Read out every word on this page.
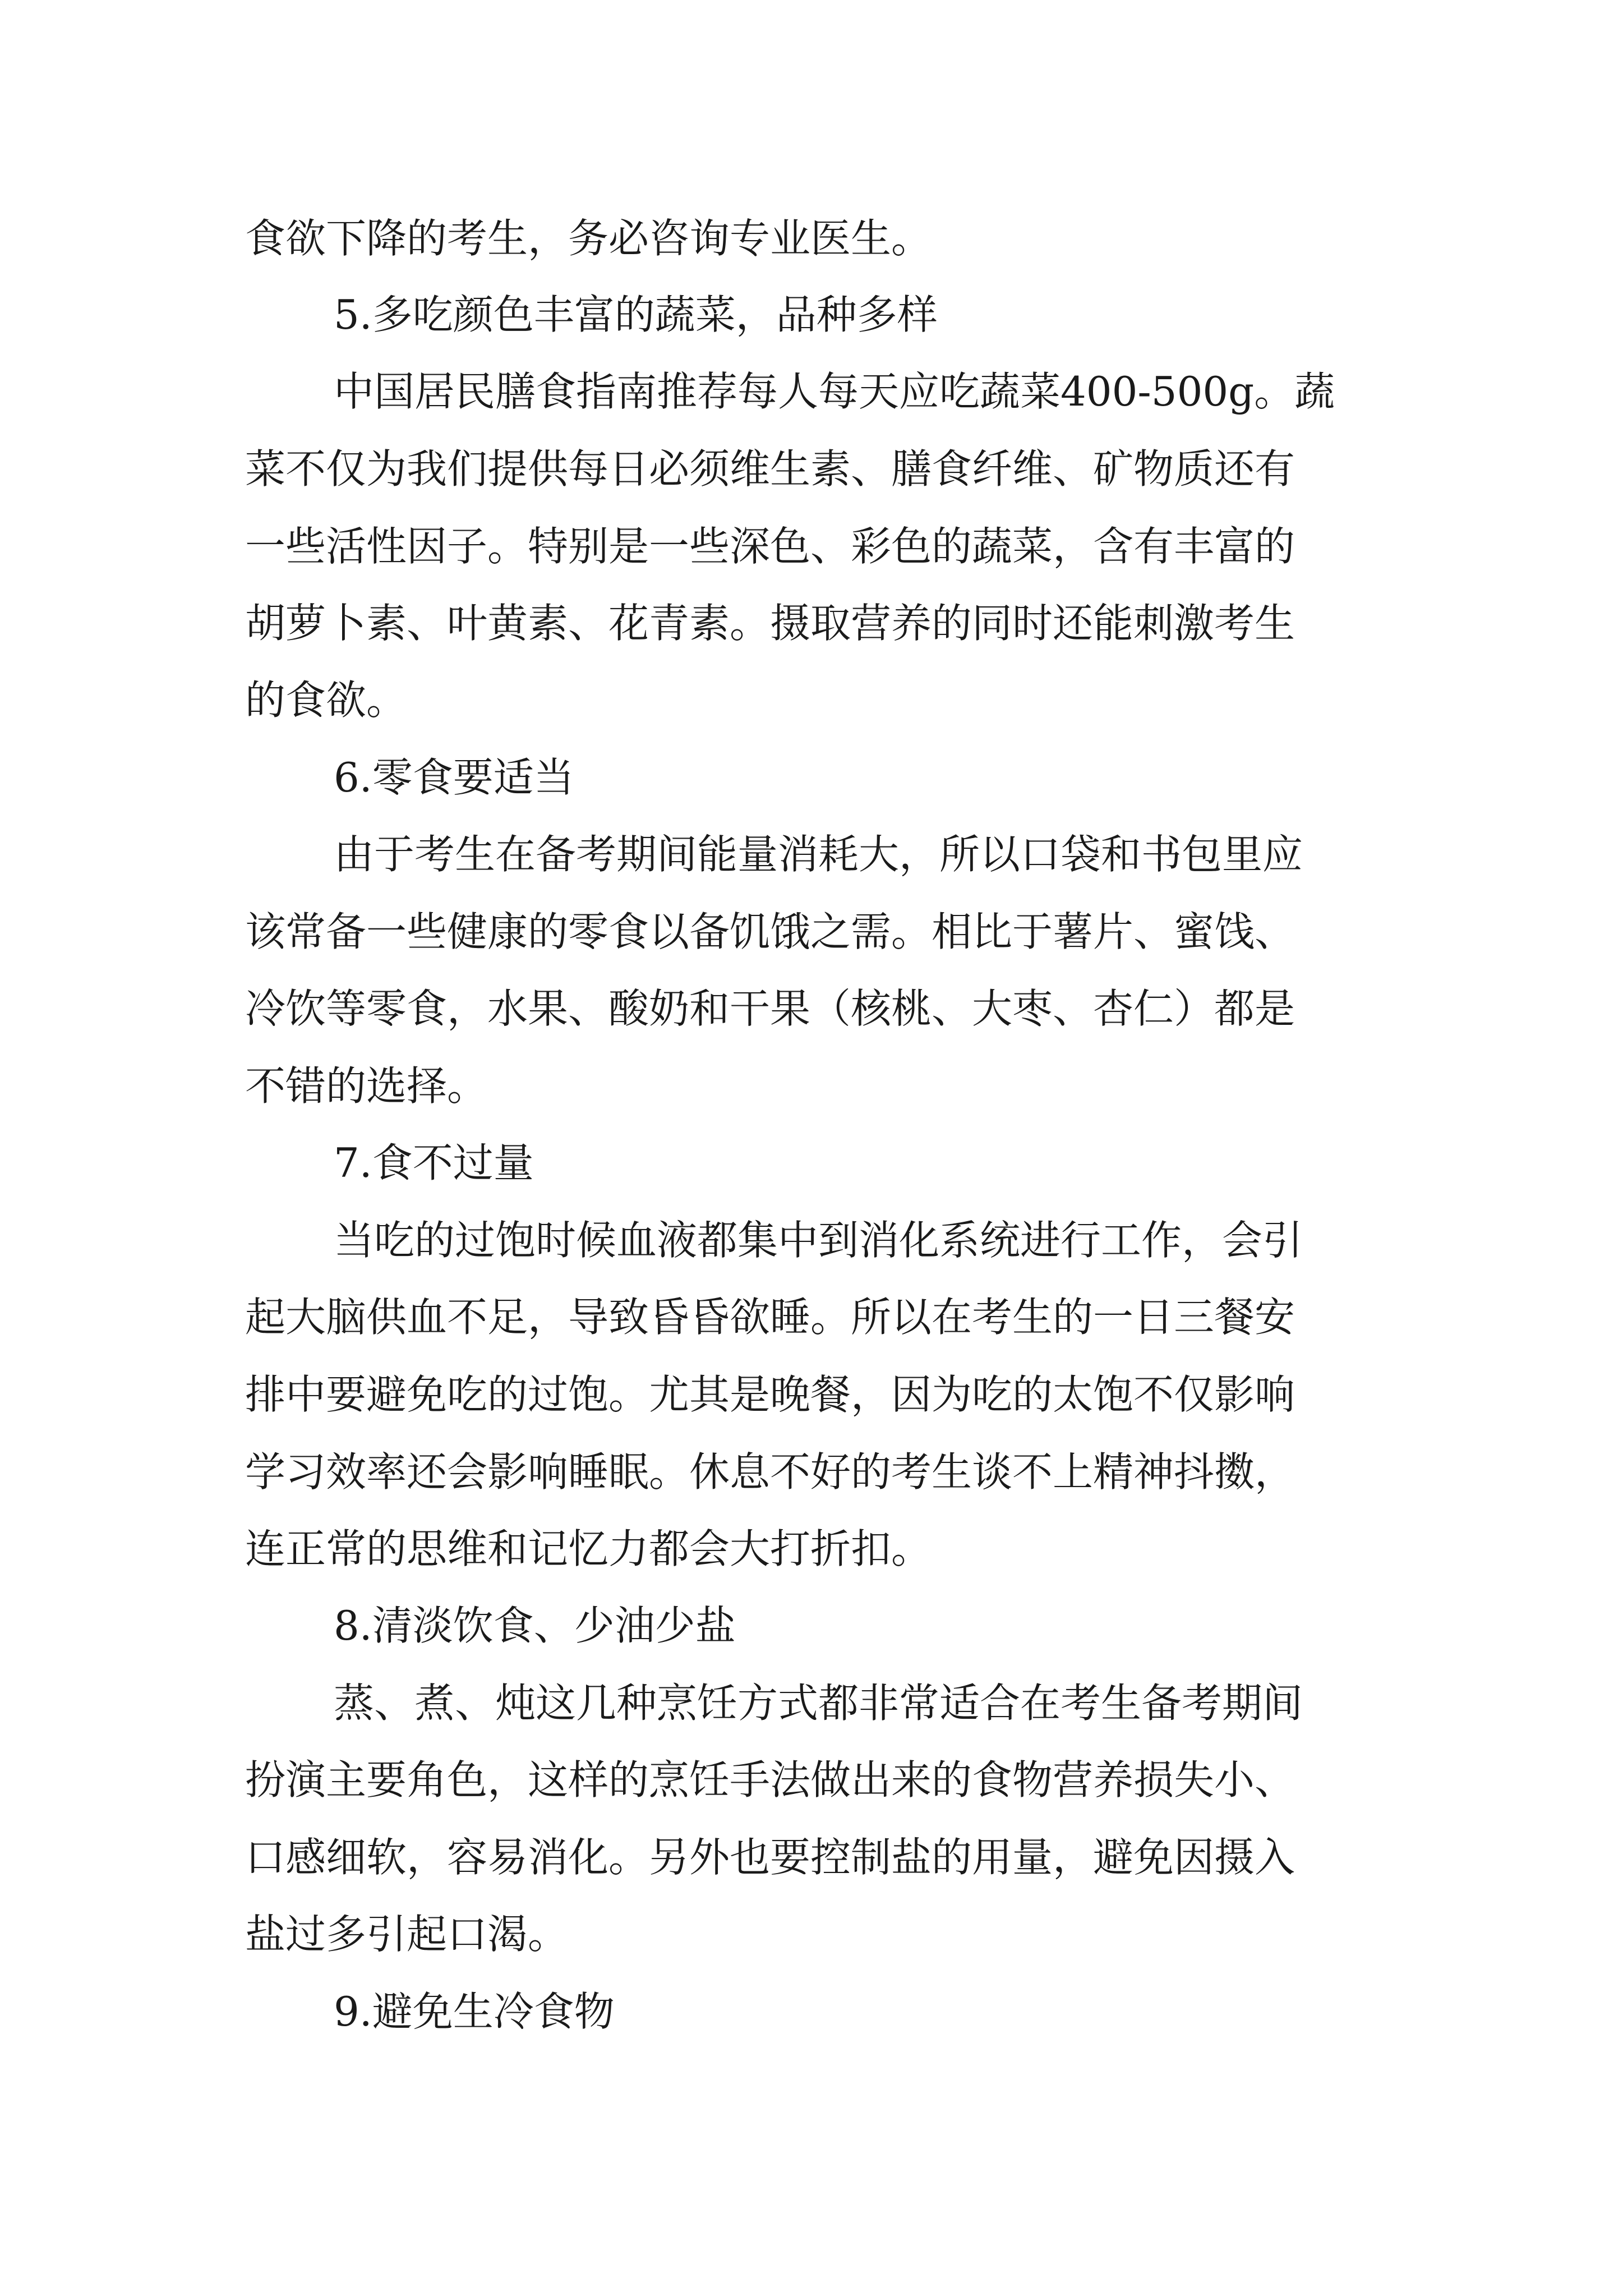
食欲下降的考生，务必咨询专业医生。

5.多吃颜色丰富的蔬菜，品种多样

中国居民膳食指南推荐每人每天应吃蔬菜400-500g。蔬

菜不仅为我们提供每日必须维生素、膳食纤维、矿物质还有

一些活性因子。特别是一些深色、彩色的蔬菜，含有丰富的

胡萝卜素、叶黄素、花青素。摄取营养的同时还能刺激考生

的食欲。

6.零食要适当

由于考生在备考期间能量消耗大，所以口袋和书包里应

该常备一些健康的零食以备饥饿之需。相比于薯片、蜜饯、

冷饮等零食，水果、酸奶和干果（核桃、大枣、杏仁）都是

不错的选择。

7.食不过量

当吃的过饱时候血液都集中到消化系统进行工作，会引

起大脑供血不足，导致昏昏欲睡。所以在考生的一日三餐安

排中要避免吃的过饱。尤其是晚餐，因为吃的太饱不仅影响

学习效率还会影响睡眠。休息不好的考生谈不上精神抖擞，

连正常的思维和记忆力都会大打折扣。

8.清淡饮食、少油少盐

蒸、煮、炖这几种烹饪方式都非常适合在考生备考期间

扮演主要角色，这样的烹饪手法做出来的食物营养损失小、

口感细软，容易消化。另外也要控制盐的用量，避免因摄入

盐过多引起口渴。

9.避免生冷食物
